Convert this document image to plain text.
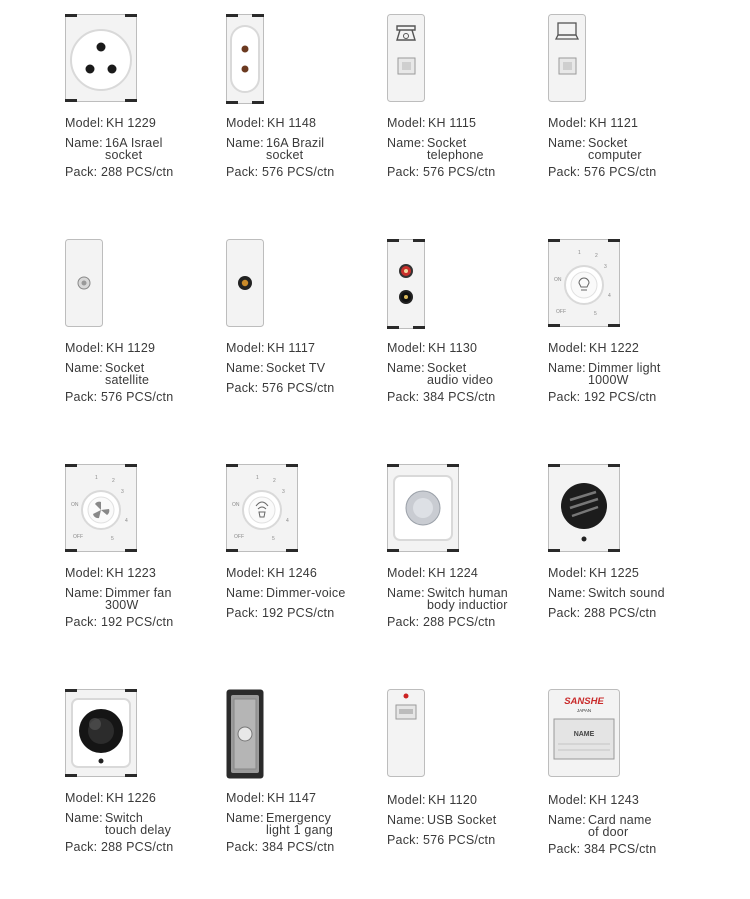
Model: KH 1229
Name: 16A Israel
socket
Pack: 288 PCS/ctn
Model: KH 1148
Name: 16A Brazil
socket
Pack: 576 PCS/ctn
Model: KH 1115
Name: Socket
telephone
Pack: 576 PCS/ctn
Model: KH 1121
Name: Socket
computer
Pack: 576 PCS/ctn
Model: KH 1129
Name: Socket
satellite
Pack: 576 PCS/ctn
Model: KH 1117
Name: Socket TV
Pack: 576 PCS/ctn
Model: KH 1130
Name: Socket
audio video
Pack: 384 PCS/ctn
1	2
3
4
5
ON
OFF
Model: KH 1222
Name: Dimmer light
1000W
Pack: 192 PCS/ctn
1	2
3
4
5
ON
OFF
Model: KH 1223
Name: Dimmer fan
300W
Pack: 192 PCS/ctn
1	2
3
4
5
ON
OFF
Model: KH 1246
Name: Dimmer-voice
Pack: 192 PCS/ctn
Model: KH 1224
Name: Switch human
body inductior
Pack: 288 PCS/ctn
Model: KH 1225
Name: Switch sound
Pack: 288 PCS/ctn
Model: KH 1226
Name: Switch
touch delay
Pack: 288 PCS/ctn
Model: KH 1147
Name: Emergency
light 1 gang
Pack: 384 PCS/ctn
Model: KH 1120
Name: USB Socket
Pack: 576 PCS/ctn
SANSHE
JAPAN
NAME
Model: KH 1243
Name: Card name
of door
Pack: 384 PCS/ctn
